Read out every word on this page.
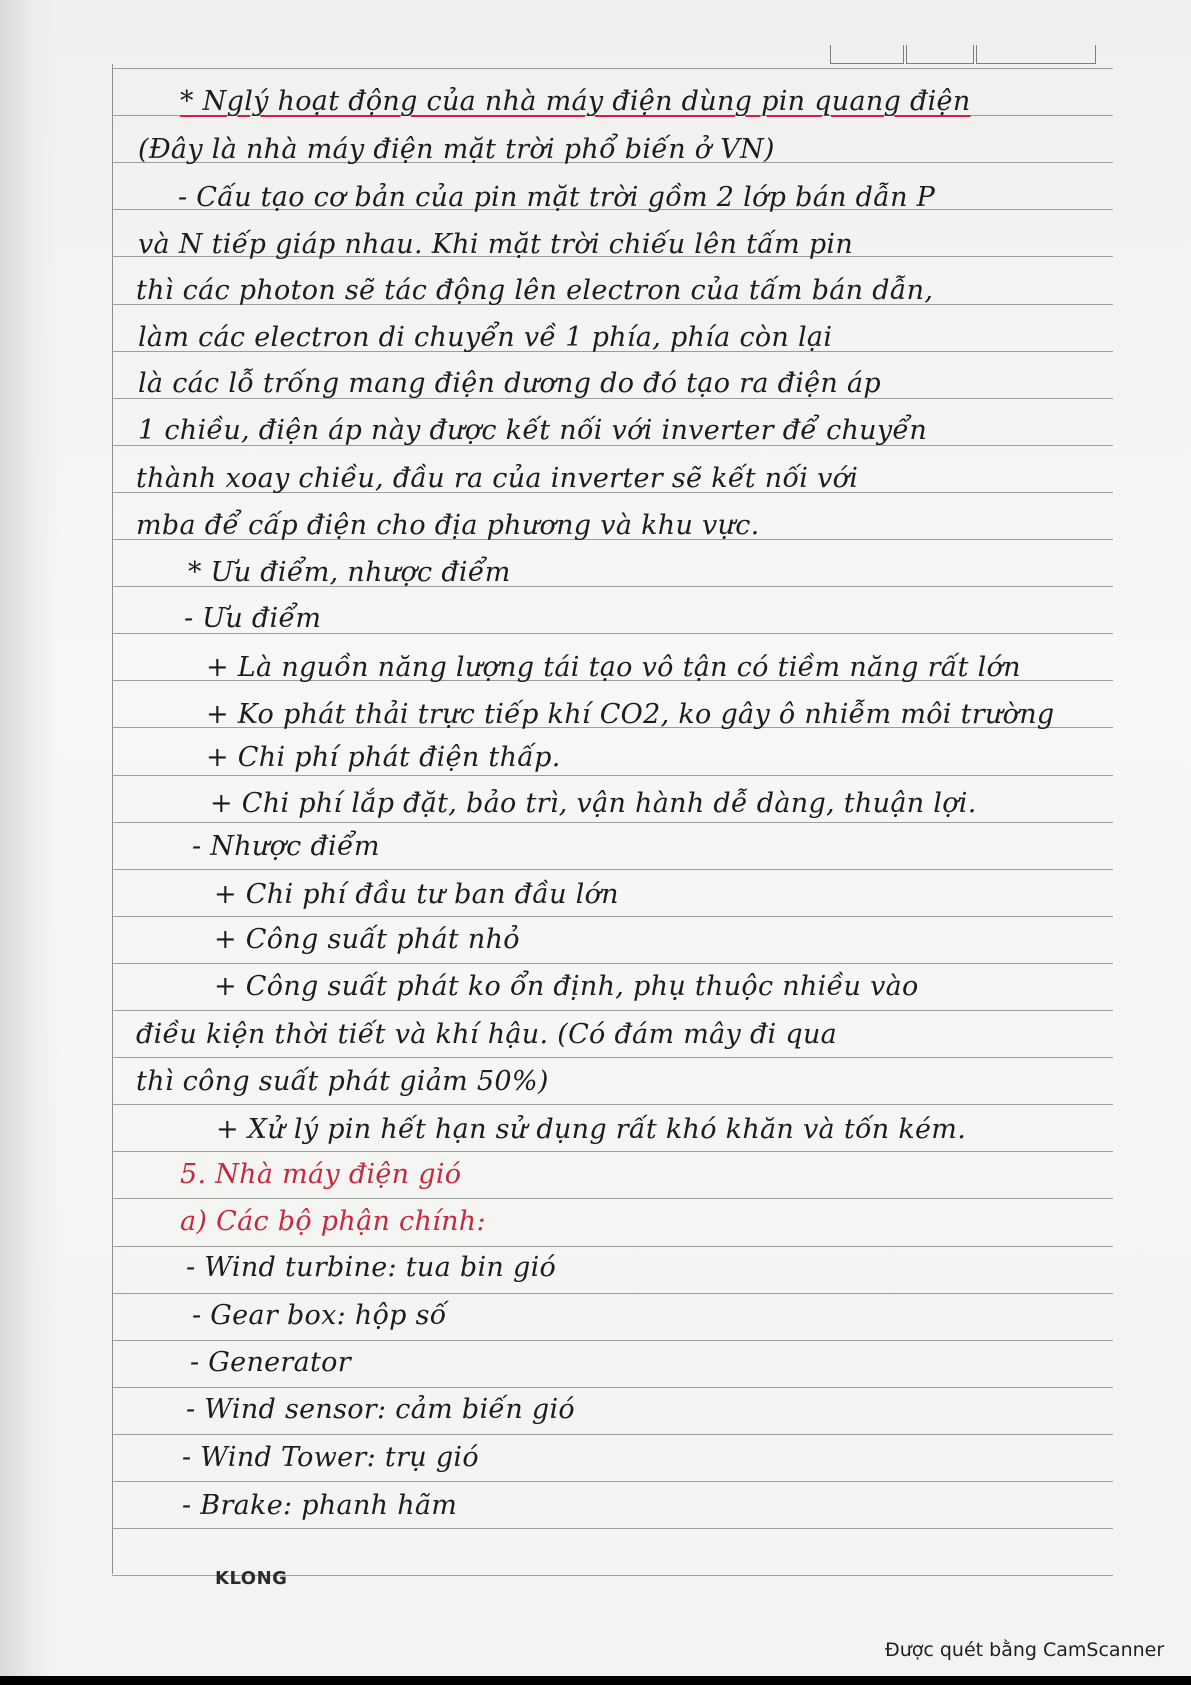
* Nglý hoạt động của nhà máy điện dùng pin quang điện
(Đây là nhà máy điện mặt trời phổ biến ở VN)
- Cấu tạo cơ bản của pin mặt trời gồm 2 lớp bán dẫn P
và N tiếp giáp nhau. Khi mặt trời chiếu lên tấm pin
thì các photon sẽ tác động lên electron của tấm bán dẫn,
làm các electron di chuyển về 1 phía, phía còn lại
là các lỗ trống mang điện dương do đó tạo ra điện áp
1 chiều, điện áp này được kết nối với inverter để chuyển
thành xoay chiều, đầu ra của inverter sẽ kết nối với
mba để cấp điện cho địa phương và khu vực.
* Ưu điểm, nhược điểm
- Ưu điểm
+ Là nguồn năng lượng tái tạo vô tận có tiềm năng rất lớn
+ Ko phát thải trực tiếp khí CO2, ko gây ô nhiễm môi trường
+ Chi phí phát điện thấp.
+ Chi phí lắp đặt, bảo trì, vận hành dễ dàng, thuận lợi.
- Nhược điểm
+ Chi phí đầu tư ban đầu lớn
+ Công suất phát nhỏ
+ Công suất phát ko ổn định, phụ thuộc nhiều vào
điều kiện thời tiết và khí hậu. (Có đám mây đi qua
thì công suất phát giảm 50%)
+ Xử lý pin hết hạn sử dụng rất khó khăn và tốn kém.
5. Nhà máy điện gió
a) Các bộ phận chính:
- Wind turbine: tua bin gió
- Gear box: hộp số
- Generator
- Wind sensor: cảm biến gió
- Wind Tower: trụ gió
- Brake: phanh hãm
KLONG
Được quét bằng CamScanner
